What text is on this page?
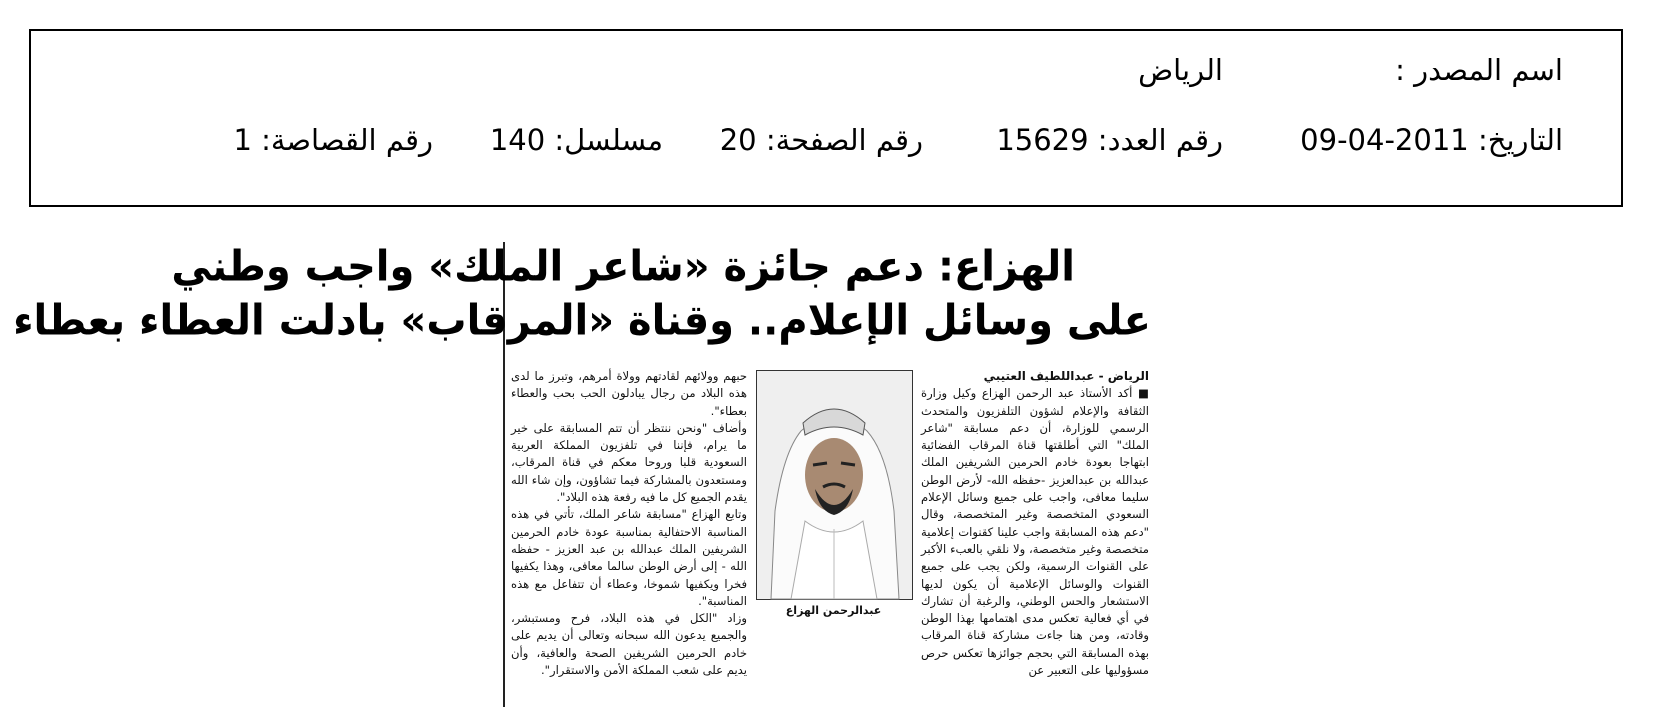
اسم المصدر :
الرياض
التاريخ: 2011-04-09
رقم العدد: 15629
رقم الصفحة: 20
مسلسل: 140
رقم القصاصة: 1
الهزاع: دعم جائزة «شاعر الملك» واجب وطني
على وسائل الإعلام.. وقناة «المرقاب» بادلت العطاء بعطاء

الرياض - عبداللطيف العتيبي

■ أكد الأستاذ عبد الرحمن الهزاع وكيل وزارة الثقافة والإعلام لشؤون التلفزيون والمتحدث الرسمي للوزارة، أن دعم مسابقة "شاعر الملك" التي أطلقتها قناة المرقاب الفضائية ابتهاجا بعودة خادم الحرمين الشريفين الملك عبدالله بن عبدالعزيز -حفظه الله- لأرض الوطن سليما معافى، واجب على جميع وسائل الإعلام السعودي المتخصصة وغير المتخصصة، وقال "دعم هذه المسابقة واجب علينا كقنوات إعلامية متخصصة وغير متخصصة، ولا نلقي بالعبء الأكبر على القنوات الرسمية، ولكن يجب على جميع القنوات والوسائل الإعلامية أن يكون لديها الاستشعار والحس الوطني، والرغبة أن تشارك في أي فعالية تعكس مدى اهتمامها بهذا الوطن وقادته، ومن هنا جاءت مشاركة قناة المرقاب بهذه المسابقة التي بحجم جوائزها تعكس حرص مسؤوليها على التعبير عن

عبدالرحمن الهزاع

حبهم وولائهم لقادتهم وولاة أمرهم، وتبرز ما لدى هذه البلاد من رجال يبادلون الحب بحب والعطاء بعطاء".

وأضاف "ونحن ننتظر أن تتم المسابقة على خير ما يرام، فإننا في تلفزيون المملكة العربية السعودية قلبا وروحا معكم في قناة المرقاب، ومستعدون بالمشاركة فيما تشاؤون، وإن شاء الله يقدم الجميع كل ما فيه رفعة هذه البلاد".

وتابع الهزاع "مسابقة شاعر الملك، تأتي في هذه المناسبة الاحتفالية بمناسبة عودة خادم الحرمين الشريفين الملك عبدالله بن عبد العزيز - حفظه الله - إلى أرض الوطن سالما معافى، وهذا يكفيها فخرا ويكفيها شموخا، وعطاء أن تتفاعل مع هذه المناسبة".

وزاد "الكل في هذه البلاد، فرح ومستبشر، والجميع يدعون الله سبحانه وتعالى أن يديم على خادم الحرمين الشريفين الصحة والعافية، وأن يديم على شعب المملكة الأمن والاستقرار".
